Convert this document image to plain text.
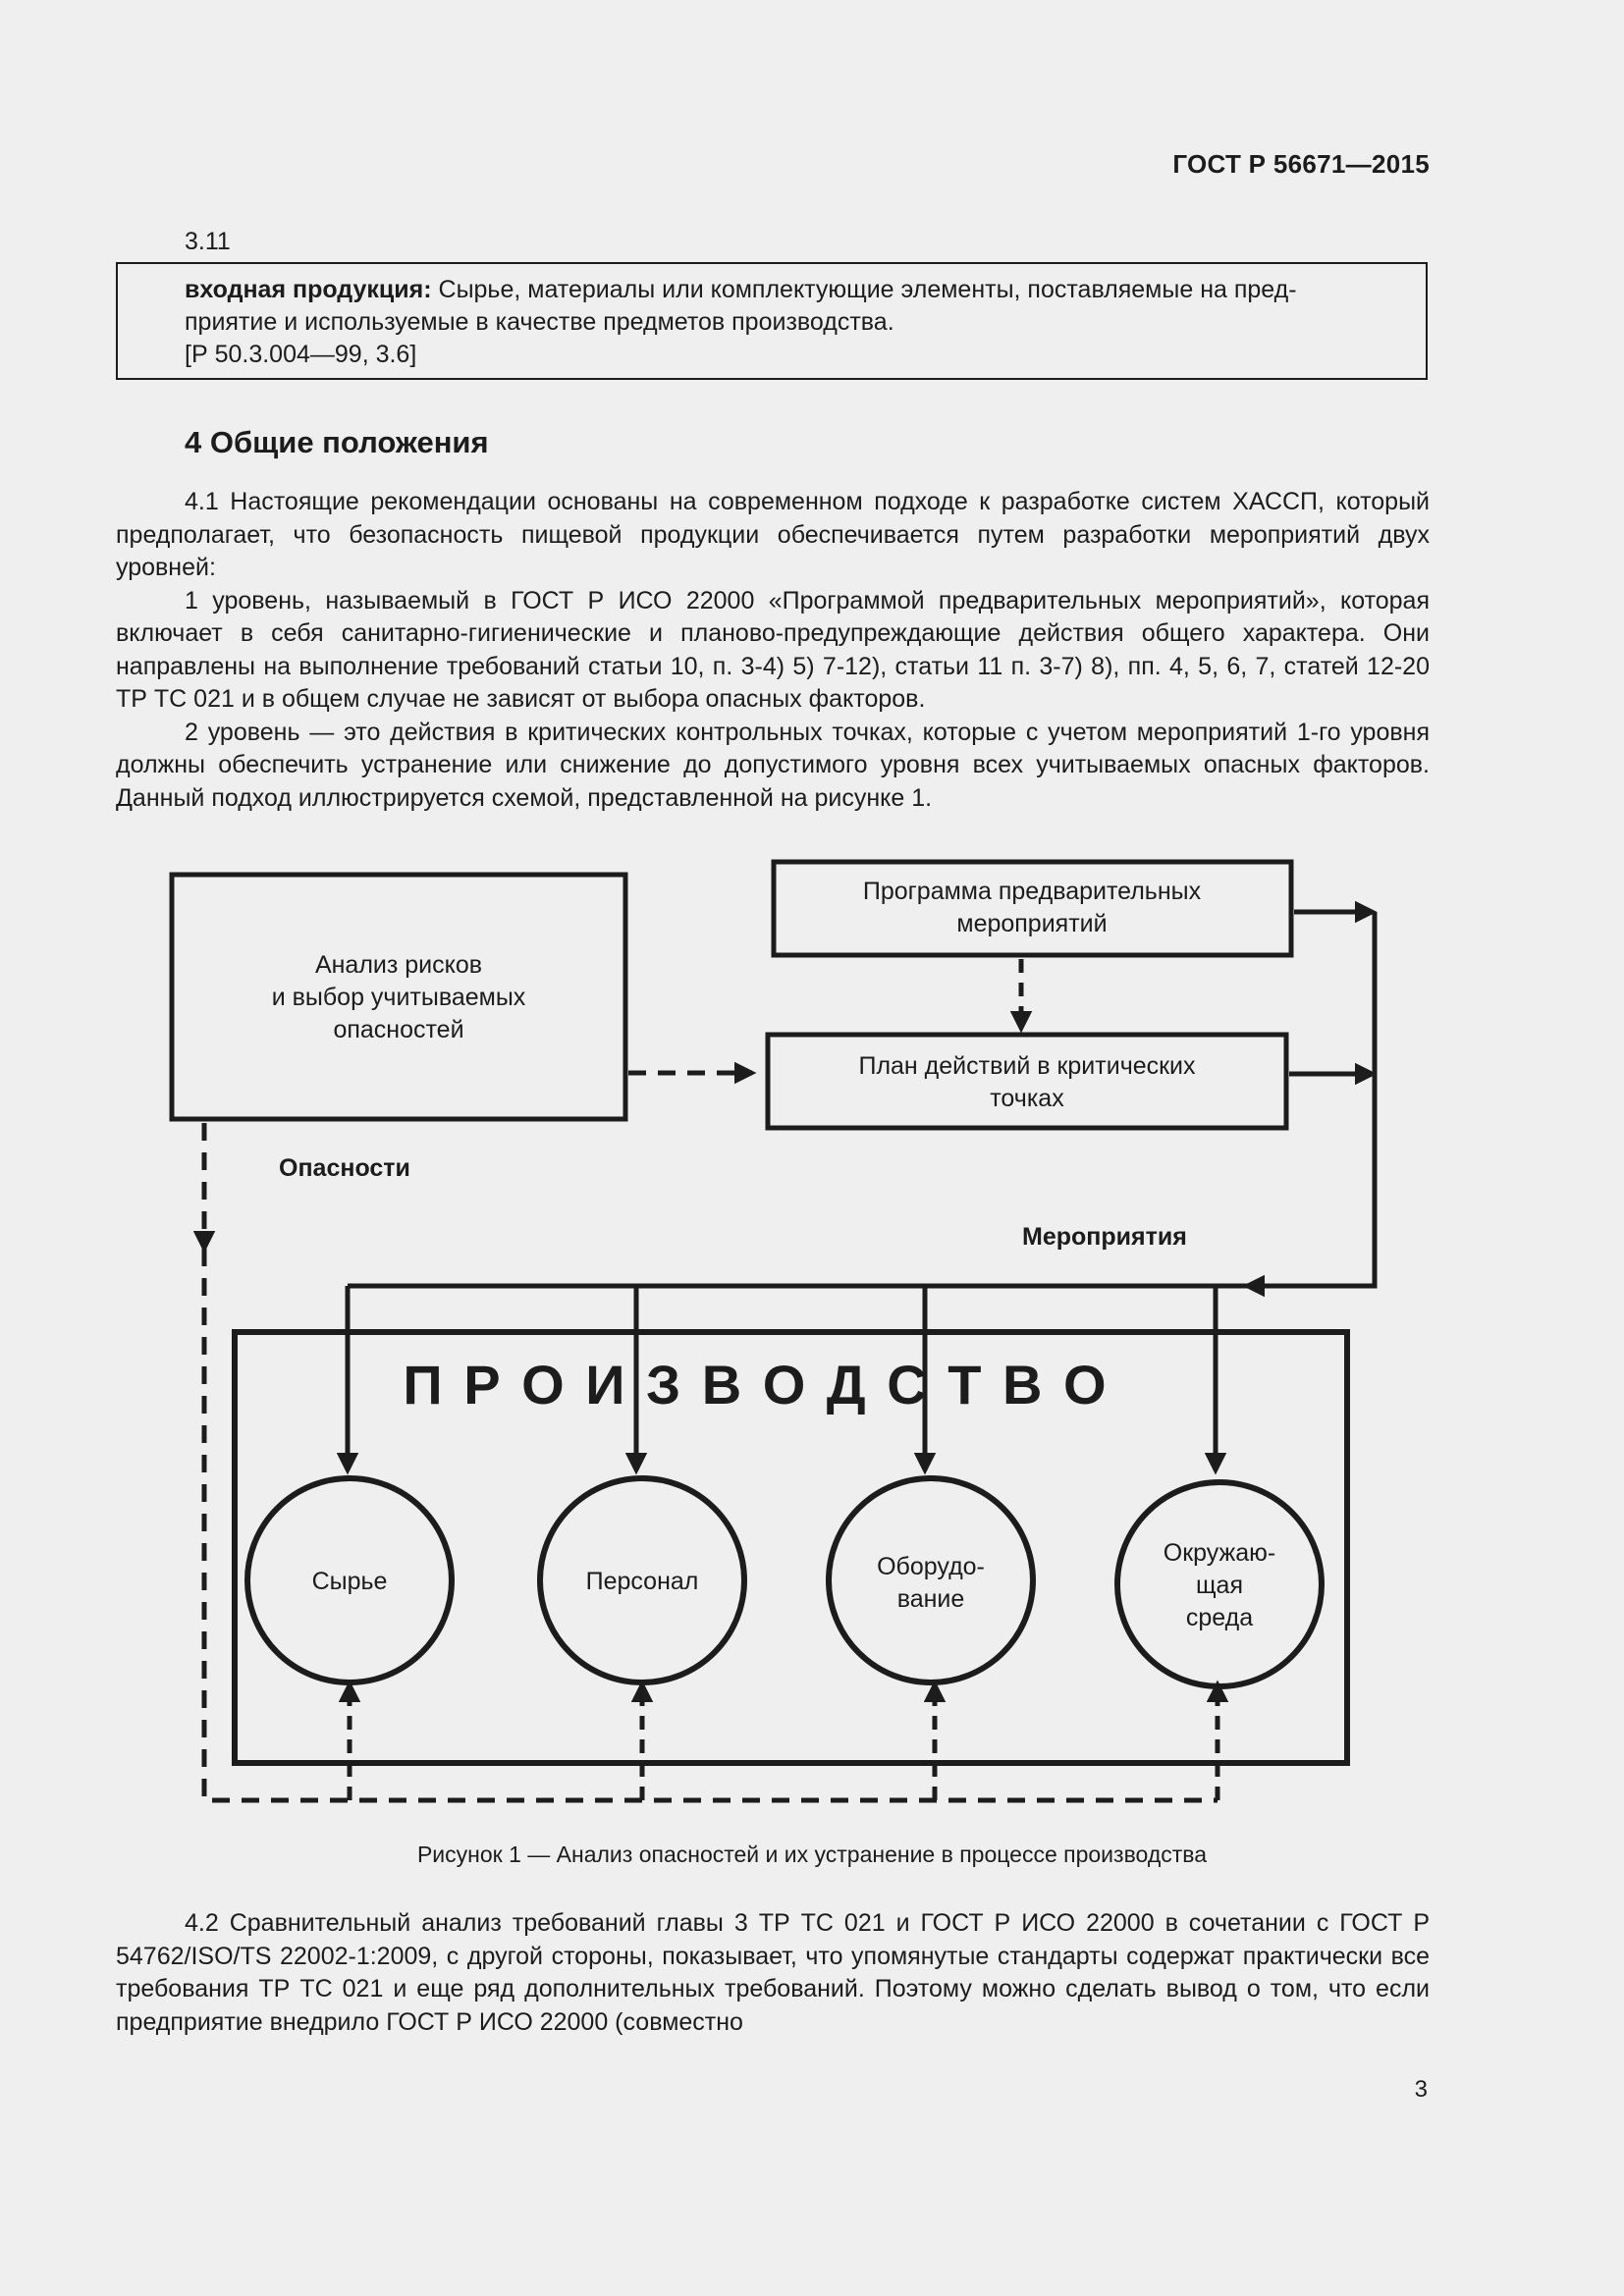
ГОСТ Р 56671—2015
3.11

входная продукция: Сырье, материалы или комплектующие элементы, поставляемые на пред-

приятие и используемые в качестве предметов производства.

[Р 50.3.004—99, 3.6]

4 Общие положения

4.1 Настоящие рекомендации основаны на современном подходе к разработке систем ХАССП, который предполагает, что безопасность пищевой продукции обеспечивается путем разработки мероприятий двух уровней:

1 уровень, называемый в ГОСТ Р ИСО 22000 «Программой предварительных мероприятий», которая включает в себя санитарно-гигиенические и планово-предупреждающие действия общего характера. Они направлены на выполнение требований статьи 10, п. 3-4) 5) 7-12), статьи 11 п. 3-7) 8), пп. 4, 5, 6, 7, статей 12-20 ТР ТС 021 и в общем случае не зависят от выбора опасных факторов.

2 уровень — это действия в критических контрольных точках, которые с учетом мероприятий 1-го уровня должны обеспечить устранение или снижение до допустимого уровня всех учитываемых опасных факторов. Данный подход иллюстрируется схемой, представленной на рисунке 1.

Анализ рисков
и выбор учитываемых
опасностей
Программа предварительных
мероприятий
План действий в критических
точках
Опасности
Мероприятия
П Р О И З В О Д С Т В О
Сырье	Персонал
Оборудо-
вание
Окружаю-
щая
среда
Рисунок 1 — Анализ опасностей и их устранение в процессе производства

4.2 Сравнительный анализ требований главы 3 ТР ТС 021 и ГОСТ Р ИСО 22000 в сочетании с ГОСТ Р 54762/ISO/TS 22002-1:2009, с другой стороны, показывает, что упомянутые стандарты содержат практически все требования ТР ТС 021 и еще ряд дополнительных требований. Поэтому можно сделать вывод о том, что если предприятие внедрило ГОСТ Р ИСО 22000 (совместно

3
